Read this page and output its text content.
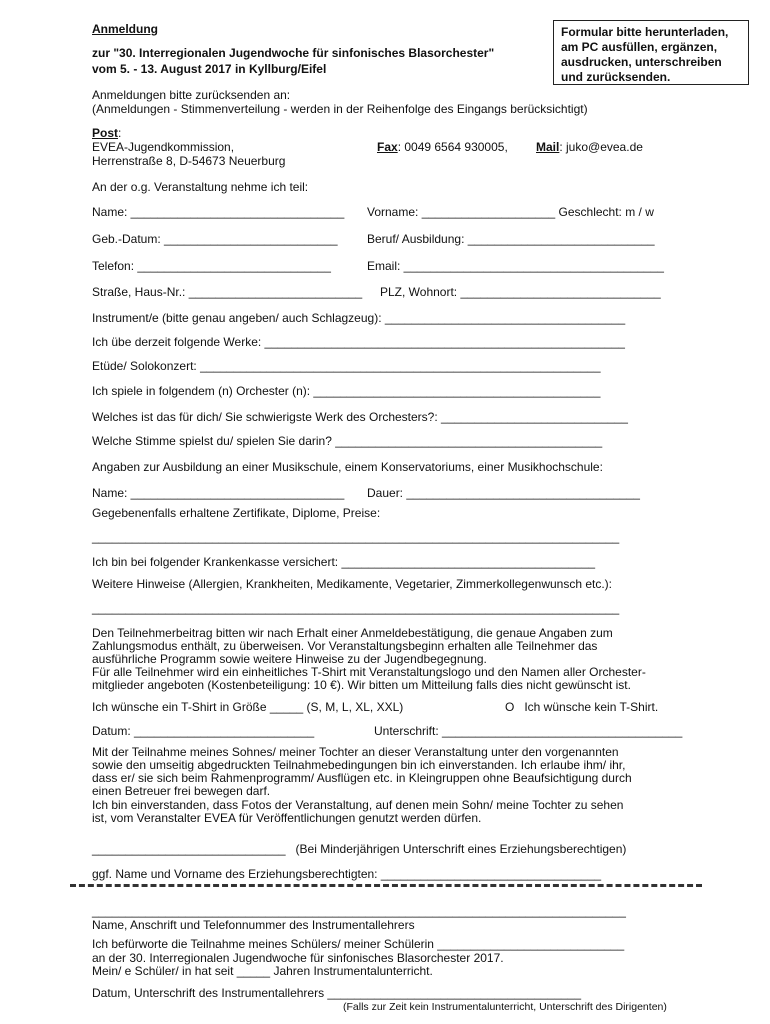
Anmeldung
zur "30. Interregionalen Jugendwoche für sinfonisches Blasorchester"
vom 5. - 13. August 2017 in Kyllburg/Eifel
Formular bitte herunterladen,
am PC ausfüllen, ergänzen,
ausdrucken, unterschreiben
und zurücksenden.
Anmeldungen bitte zurücksenden an:
(Anmeldungen - Stimmenverteilung - werden in der Reihenfolge des Eingangs berücksichtigt)
Post:
EVEA-Jugendkommission,
Herrenstraße 8, D-54673 Neuerburg
Fax: 0049 6564 930005, Mail: juko@evea.de
An der o.g. Veranstaltung nehme ich teil:
Name: ________________________________ Vorname: ____________________ Geschlecht: m / w
Geb.-Datum: __________________________ Beruf/ Ausbildung: ____________________________
Telefon: _____________________________	Email: _______________________________________
Straße, Haus-Nr.: __________________________ PLZ, Wohnort: ______________________________
Instrument/e (bitte genau angeben/ auch Schlagzeug): ____________________________________
Ich übe derzeit folgende Werke: ______________________________________________________
Etüde/ Solokonzert: ____________________________________________________________
Ich spiele in folgendem (n) Orchester (n): ___________________________________________
Welches ist das für dich/ Sie schwierigste Werk des Orchesters?: ____________________________
Welche Stimme spielst du/ spielen Sie darin? ________________________________________
Angaben zur Ausbildung an einer Musikschule, einem Konservatoriums, einer Musikhochschule:
Name: ________________________________ Dauer: ___________________________________
Gegebenenfalls erhaltene Zertifikate, Diplome, Preise:
_______________________________________________________________________________
Ich bin bei folgender Krankenkasse versichert: ______________________________________
Weitere Hinweise (Allergien, Krankheiten, Medikamente, Vegetarier, Zimmerkollegenwunsch etc.):
_______________________________________________________________________________
Den Teilnehmerbeitrag bitten wir nach Erhalt einer Anmeldebestätigung, die genaue Angaben zum
Zahlungsmodus enthält, zu überweisen. Vor Veranstaltungsbeginn erhalten alle Teilnehmer das
ausführliche Programm sowie weitere Hinweise zu der Jugendbegegnung.
Für alle Teilnehmer wird ein einheitliches T-Shirt mit Veranstaltungslogo und den Namen aller Orchester-
mitglieder angeboten (Kostenbeteiligung: 10 €). Wir bitten um Mitteilung falls dies nicht gewünscht ist.
Ich wünsche ein T-Shirt in Größe _____ (S, M, L, XL, XXL)	O   Ich wünsche kein T-Shirt.
Datum: ___________________________	Unterschrift: ____________________________________
Mit der Teilnahme meines Sohnes/ meiner Tochter an dieser Veranstaltung unter den vorgenannten
sowie den umseitig abgedruckten Teilnahmebedingungen bin ich einverstanden. Ich erlaube ihm/ ihr,
dass er/ sie sich beim Rahmenprogramm/ Ausflügen etc. in Kleingruppen ohne Beaufsichtigung durch
einen Betreuer frei bewegen darf.
Ich bin einverstanden, dass Fotos der Veranstaltung, auf denen mein Sohn/ meine Tochter zu sehen
ist, vom Veranstalter EVEA für Veröffentlichungen genutzt werden dürfen.
_____________________________   (Bei Minderjährigen Unterschrift eines Erziehungsberechtigen)
ggf. Name und Vorname des Erziehungsberechtigten: _________________________________
________________________________________________________________________________
Name, Anschrift und Telefonnummer des Instrumentallehrers
Ich befürworte die Teilnahme meines Schülers/ meiner Schülerin ____________________________
an der 30. Interregionalen Jugendwoche für sinfonisches Blasorchester 2017.
Mein/ e Schüler/ in hat seit _____ Jahren Instrumentalunterricht.
Datum, Unterschrift des Instrumentallehrers ______________________________________
(Falls zur Zeit kein Instrumentalunterricht, Unterschrift des Dirigenten)
